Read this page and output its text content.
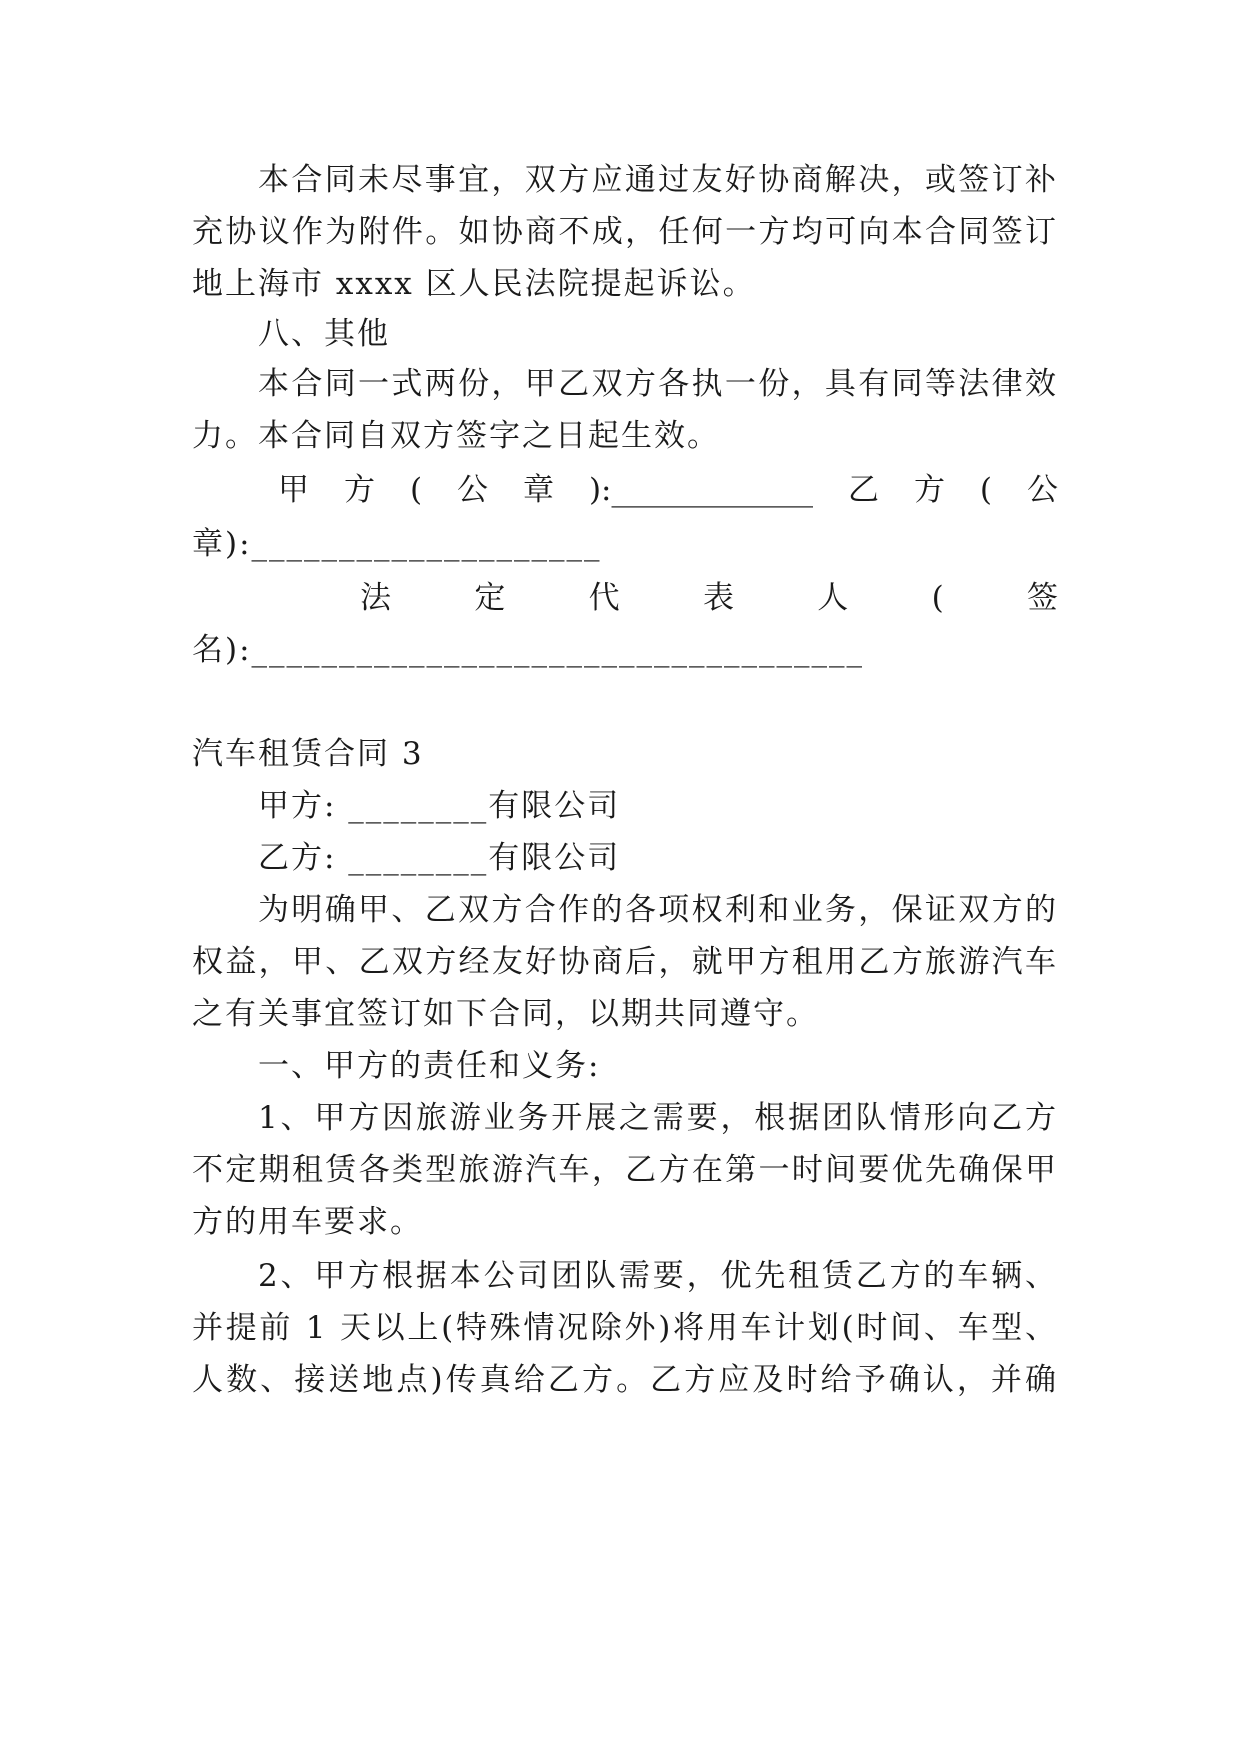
本合同未尽事宜，双方应通过友好协商解决，或签订补
充协议作为附件。如协商不成，任何一方均可向本合同签订
地上海市 xxxx 区人民法院提起诉讼。
八、其他
本合同一式两份，甲乙双方各执一份，具有同等法律效
力。本合同自双方签字之日起生效。
甲 方 ( 公 章 ):_____________ 乙 方 ( 公
章):____________________
法	定	代	表	人	(	签
名):___________________________________
汽车租赁合同 3
甲方: ________有限公司
乙方: ________有限公司
为明确甲、乙双方合作的各项权利和业务，保证双方的
权益，甲、乙双方经友好协商后，就甲方租用乙方旅游汽车
之有关事宜签订如下合同，以期共同遵守。
一、甲方的责任和义务:
1、甲方因旅游业务开展之需要，根据团队情形向乙方
不定期租赁各类型旅游汽车，乙方在第一时间要优先确保甲
方的用车要求。
2、甲方根据本公司团队需要，优先租赁乙方的车辆、
并提前 1 天以上(特殊情况除外)将用车计划(时间、车型、
人数、接送地点)传真给乙方。乙方应及时给予确认，并确
